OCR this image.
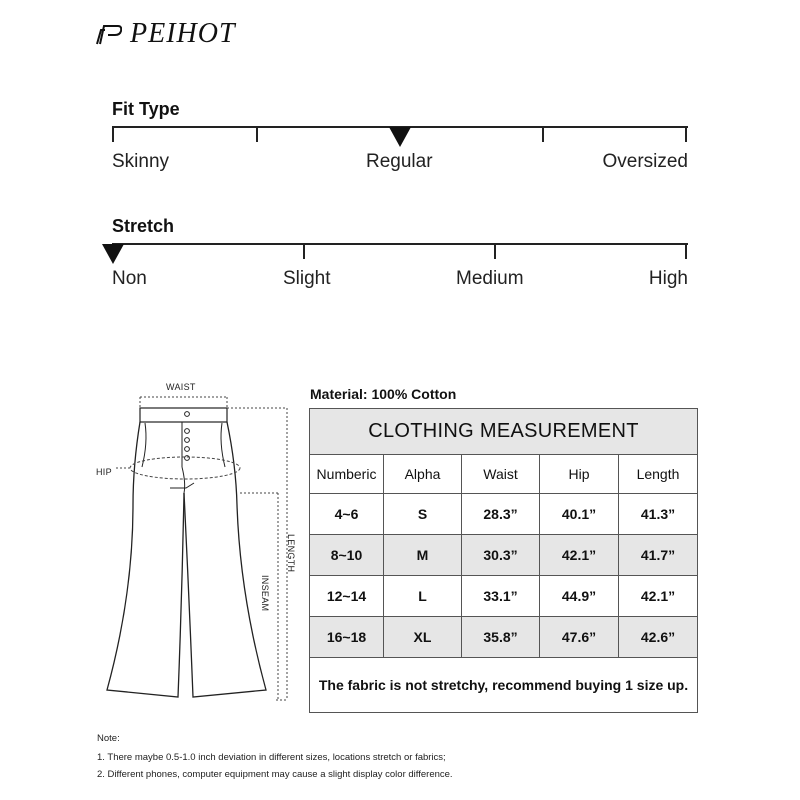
PEIHOT
Fit Type
Skinny	Regular	Oversized
Stretch
Non	Slight	Medium	High
WAIST
HIP
LENGTH
INSEAM
Material: 100% Cotton
CLOTHING MEASUREMENT				
Numberic	Alpha	Waist	Hip	Length
4~6	S	28.3”	40.1”	41.3”
8~10	M	30.3”	42.1”	41.7”
12~14	L	33.1”	44.9”	42.1”
16~18	XL	35.8”	47.6”	42.6”
The fabric is not stretchy, recommend buying 1 size up.				
Note:
1. There maybe 0.5-1.0 inch deviation in different sizes, locations stretch or fabrics;
2. Different phones, computer equipment may cause a slight display color difference.
